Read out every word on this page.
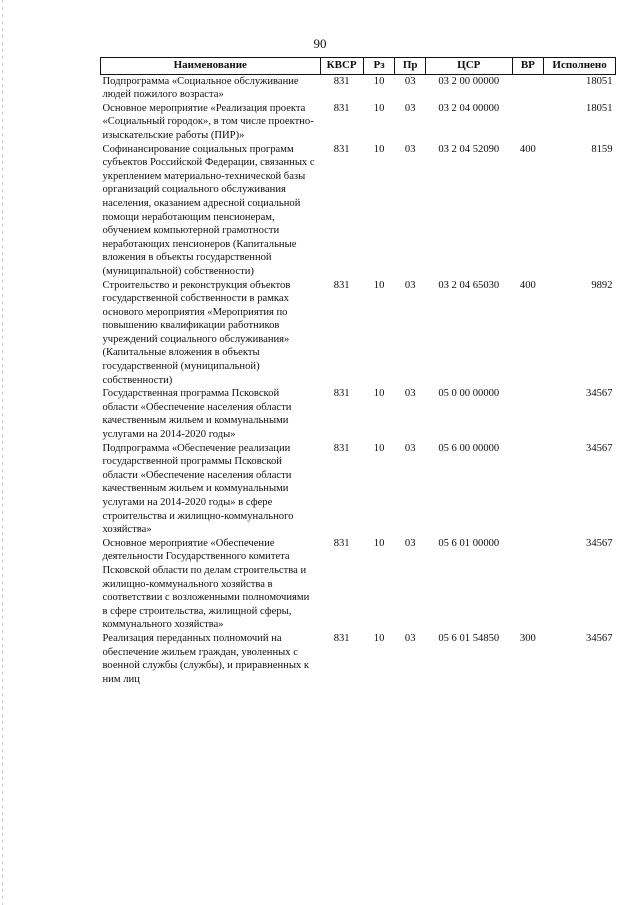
90
Наименование	КВСР	Рз	Пр	ЦСР	ВР	Исполнено
Подпрограмма «Социальное обслуживание людей пожилого возраста»	831	10	03	03 2 00 00000		18051
Основное мероприятие «Реализация проекта «Социальный городок», в том числе проектно-изыскательские работы (ПИР)»	831	10	03	03 2 04 00000		18051
Софинансирование социальных программ субъектов Российской Федерации, связанных с укреплением материально-технической базы организаций социального обслуживания населения, оказанием адресной социальной помощи неработающим пенсионерам, обучением компьютерной грамотности неработающих пенсионеров (Капитальные вложения в объекты государственной (муниципальной) собственности)	831	10	03	03 2 04 52090	400	8159
Строительство и реконструкция объектов государственной собственности в рамках основого мероприятия «Мероприятия по повышению квалификации работников учреждений социального обслуживания» (Капитальные вложения в объекты государственной (муниципальной) собственности)	831	10	03	03 2 04 65030	400	9892
Государственная программа Псковской области «Обеспечение населения области качественным жильем и коммунальными услугами на 2014-2020 годы»	831	10	03	05 0 00 00000		34567
Подпрограмма «Обеспечение реализации государственной программы Псковской области «Обеспечение населения области качественным жильем и коммунальными услугами на 2014-2020 годы» в сфере строительства и жилищно-коммунального хозяйства»	831	10	03	05 6 00 00000		34567
Основное мероприятие «Обеспечение деятельности Государственного комитета Псковской области по делам строительства и жилищно-коммунального хозяйства в соответствии с возложенными полномочиями в сфере строительства, жилищной сферы, коммунального хозяйства»	831	10	03	05 6 01 00000		34567
Реализация переданных полномочий на обеспечение жильем граждан, уволенных с военной службы (службы), и приравненных к ним лиц	831	10	03	05 6 01 54850	300	34567
